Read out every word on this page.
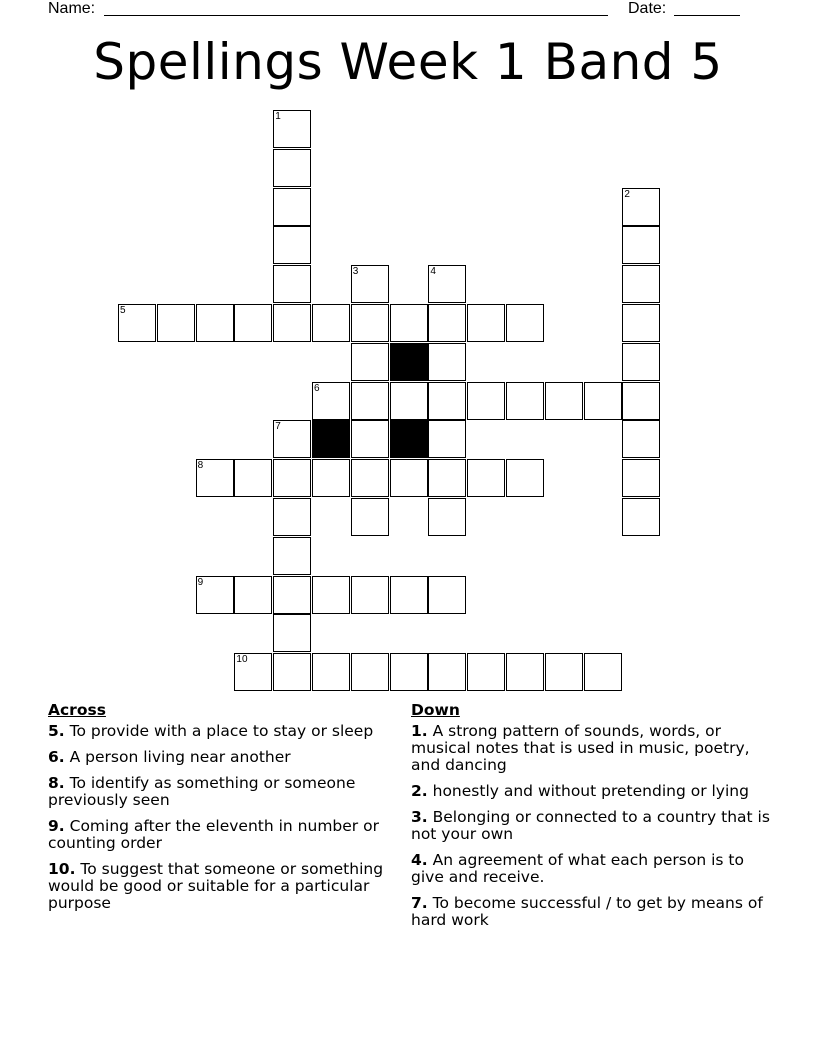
Name:	Date:
Spellings Week 1 Band 5
1
2
3	4
5
6
7
8
9
10
Across
5. To provide with a place to stay or sleep
6. A person living near another
8. To identify as something or someone previously seen
9. Coming after the eleventh in number or counting order
10. To suggest that someone or something would be good or suitable for a particular purpose
Down
1. A strong pattern of sounds, words, or musical notes that is used in music, poetry, and dancing
2. honestly and without pretending or lying
3. Belonging or connected to a country that is not your own
4. An agreement of what each person is to give and receive.
7. To become successful / to get by means of hard work
